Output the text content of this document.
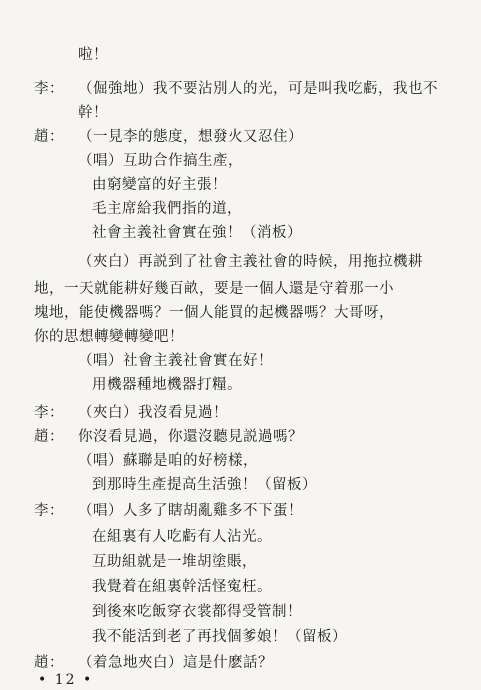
啦！
李： （倔強地）我不要沾別人的光，可是叫我吃虧，我也不
幹！
趙： （一見李的態度，想發火又忍住）
（唱）互助合作搞生產，
由窮變富的好主張！
毛主席給我們指的道，
社會主義社會實在強！（消板）
（夾白）再説到了社會主義社會的時候，用拖拉機耕
地，一天就能耕好幾百畝，要是一個人還是守着那一小
塊地，能使機器嗎？一個人能買的起機器嗎？大哥呀，
你的思想轉變轉變吧！
（唱）社會主義社會實在好！
用機器種地機器打糧。
李： （夾白）我沒看見過！
趙： 你沒看見過，你還沒聽見説過嗎？
（唱）蘇聯是咱的好榜樣，
到那時生產提高生活強！（留板）
李： （唱）人多了瞎胡亂雞多不下蛋！
在組裏有人吃虧有人沾光。
互助組就是一堆胡塗賬，
我覺着在組裏幹活怪寃枉。
到後來吃飯穿衣裳都得受管制！
我不能活到老了再找個爹娘！（留板）
趙： （着急地夾白）這是什麽話？
• 12 •
